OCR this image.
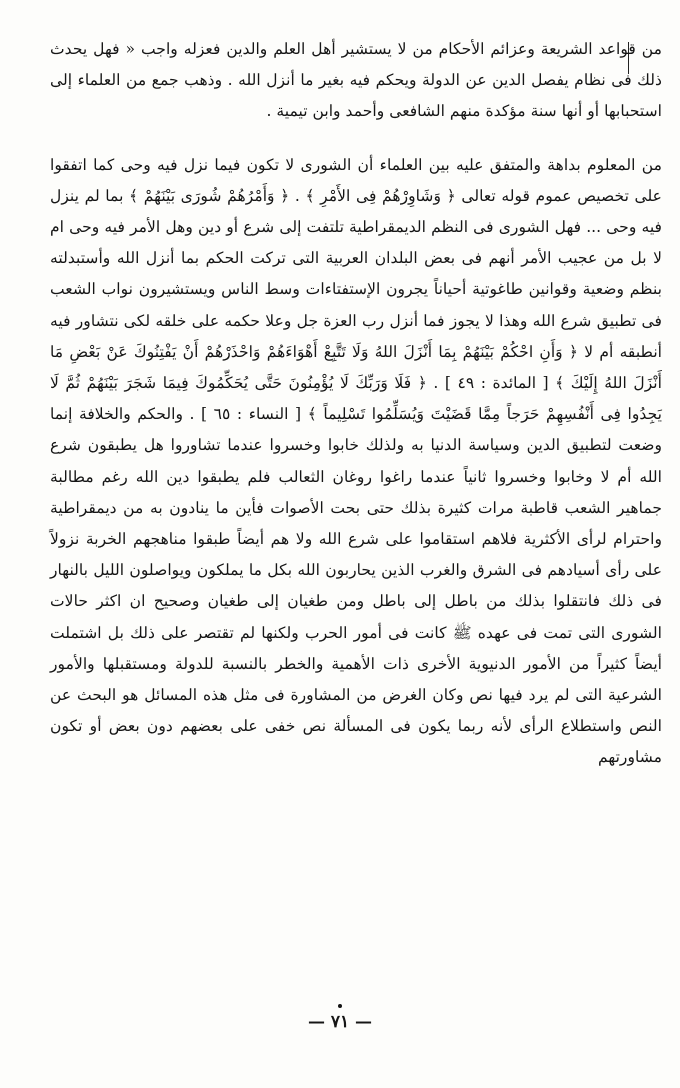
من قواعد الشريعة وعزائم الأحكام من لا يستشير أهل العلم والدين فعزله واجب « فهل يحدث ذلك فى نظام يفصل الدين عن الدولة ويحكم فيه بغير ما أنزل الله . وذهب جمع من العلماء إلى استحبابها أو أنها سنة مؤكدة منهم الشافعى وأحمد وابن تيمية .

من المعلوم بداهة والمتفق عليه بين العلماء أن الشورى لا تكون فيما نزل فيه وحى كما اتفقوا على تخصيص عموم قوله تعالى ﴿ وَشَاوِرْهُمْ فِى الأَمْرِ ﴾ . ﴿ وَأَمْرُهُمْ شُورَى بَيْنَهُمْ ﴾ بما لم ينزل فيه وحى ... فهل الشورى فى النظم الديمقراطية تلتفت إلى شرع أو دين وهل الأمر فيه وحى ام لا بل من عجيب الأمر أنهم فى بعض البلدان العربية التى تركت الحكم بما أنزل الله وأستبدلته بنظم وضعية وقوانين طاغوتية أحياناً يجرون الإستفتاءات وسط الناس ويستشيرون نواب الشعب فى تطبيق شرع الله وهذا لا يجوز فما أنزل رب العزة جل وعلا حكمه على خلقه لكى نتشاور فيه أنطبقه أم لا ﴿ وَأَنِ احْكُمْ بَيْنَهُمْ بِمَا أَنْزَلَ اللهُ وَلَا تَتَّبِعْ أَهْوَاءَهُمْ وَاحْذَرْهُمْ أَنْ يَفْتِنُوكَ عَنْ بَعْضِ مَا أَنْزَلَ اللهُ إِلَيْكَ ﴾ [ المائدة : ٤٩ ] . ﴿ فَلَا وَرَبِّكَ لَا يُؤْمِنُونَ حَتَّى يُحَكِّمُوكَ فِيمَا شَجَرَ بَيْنَهُمْ ثُمَّ لَا يَجِدُوا فِى أَنْفُسِهِمْ حَرَجاً مِمَّا قَضَيْتَ وَيُسَلِّمُوا تَسْلِيماً ﴾ [ النساء : ٦٥ ] . والحكم والخلافة إنما وضعت لتطبيق الدين وسياسة الدنيا به ولذلك خابوا وخسروا عندما تشاوروا هل يطبقون شرع الله أم لا وخابوا وخسروا ثانياً عندما راغوا روغان الثعالب فلم يطبقوا دين الله رغم مطالبة جماهير الشعب قاطبة مرات كثيرة بذلك حتى بحت الأصوات فأين ما ينادون به من ديمقراطية واحترام لرأى الأكثرية فلاهم استقاموا على شرع الله ولا هم أيضاً طبقوا مناهجهم الخربة نزولاً على رأى أسيادهم فى الشرق والغرب الذين يحاربون الله بكل ما يملكون ويواصلون الليل بالنهار فى ذلك فانتقلوا بذلك من باطل إلى باطل ومن طغيان إلى طغيان وصحيح ان اكثر حالات الشورى التى تمت فى عهده ﷺ كانت فى أمور الحرب ولكنها لم تقتصر على ذلك بل اشتملت أيضاً كثيراً من الأمور الدنيوية الأخرى ذات الأهمية والخطر بالنسبة للدولة ومستقبلها والأمور الشرعية التى لم يرد فيها نص وكان الغرض من المشاورة فى مثل هذه المسائل هو البحث عن النص واستطلاع الرأى لأنه ربما يكون فى المسألة نص خفى على بعضهم دون بعض أو تكون مشاورتهم

— ٧١ —
